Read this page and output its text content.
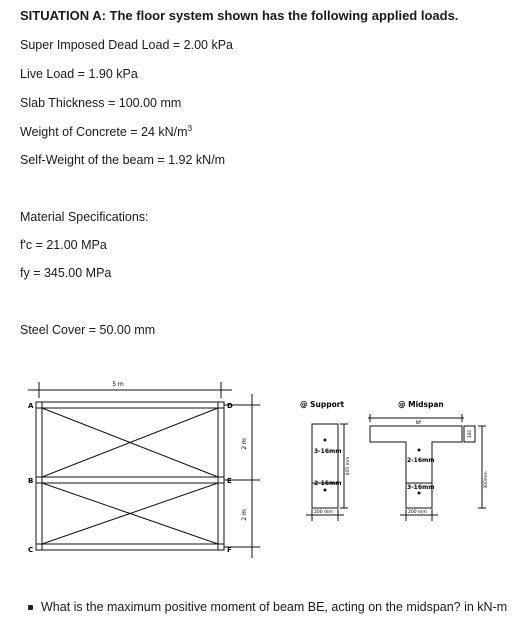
SITUATION A: The floor system shown has the following applied loads.
Super Imposed Dead Load = 2.00 kPa
Live Load = 1.90 kPa
Slab Thickness = 100.00 mm
Weight of Concrete = 24 $kN/m^3$
Self-Weight of the beam = 1.92 kN/m
Material Specifications:
f'c = 21.00 MPa
fy = 345.00 MPa
Steel Cover = 50.00 mm
5 m
A
B
C
D
E
F
2 m
2 m
@ Support
3-16mm
2-16mm
200 mm
400 mm
@ Midspan
bf
2-16mm
3-16mm
200 mm
300mm
100
What is the maximum positive moment of beam BE, acting on the midspan? in kN-m
